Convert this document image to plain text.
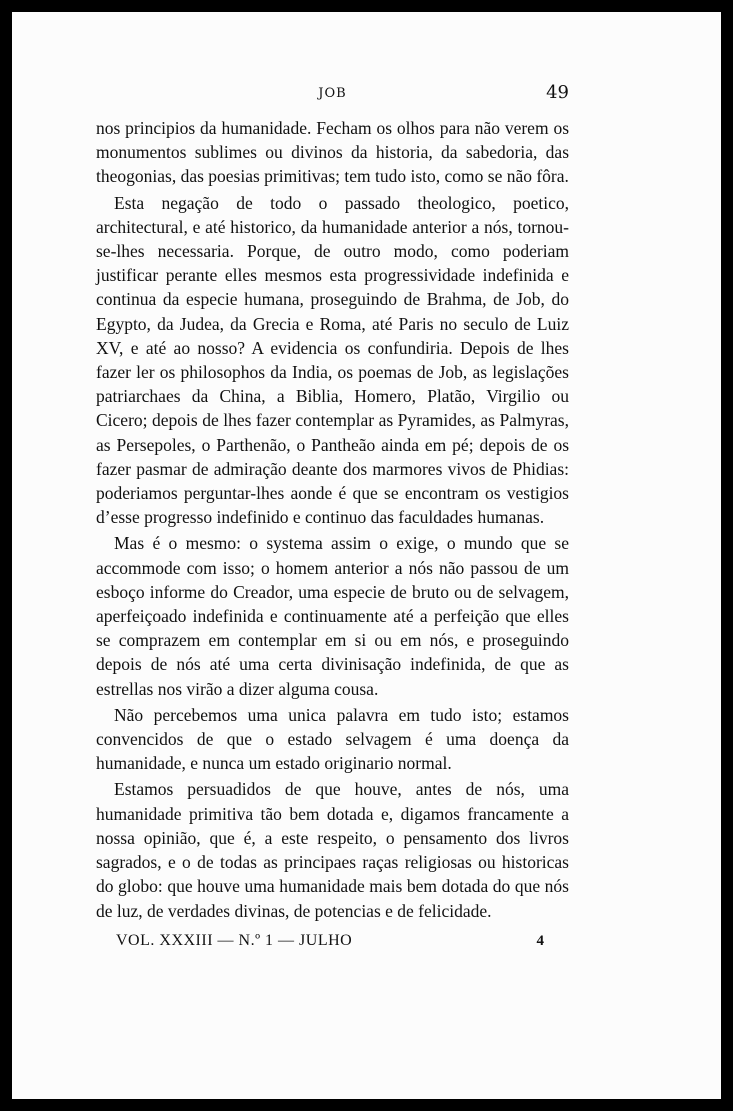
JOB	49

nos principios da humanidade. Fecham os olhos para não verem os monumentos sublimes ou divinos da historia, da sabedoria, das theogonias, das poesias primitivas; tem tudo isto, como se não fôra.

Esta negação de todo o passado theologico, poetico, architectural, e até historico, da humanidade anterior a nós, tornou-se-lhes necessaria. Porque, de outro modo, como poderiam justificar perante elles mesmos esta progressividade indefinida e continua da especie humana, proseguindo de Brahma, de Job, do Egypto, da Judea, da Grecia e Roma, até Paris no seculo de Luiz XV, e até ao nosso? A evidencia os confundiria. Depois de lhes fazer ler os philosophos da India, os poemas de Job, as legislações patriarchaes da China, a Biblia, Homero, Platão, Virgilio ou Cicero; depois de lhes fazer contemplar as Pyramides, as Palmyras, as Persepoles, o Parthenão, o Pantheão ainda em pé; depois de os fazer pasmar de admiração deante dos marmores vivos de Phidias: poderiamos perguntar-lhes aonde é que se encontram os vestigios d’esse progresso indefinido e continuo das faculdades humanas.

Mas é o mesmo: o systema assim o exige, o mundo que se accommode com isso; o homem anterior a nós não passou de um esboço informe do Creador, uma especie de bruto ou de selvagem, aperfeiçoado indefinida e continuamente até a perfeição que elles se comprazem em contemplar em si ou em nós, e proseguindo depois de nós até uma certa divinisação indefinida, de que as estrellas nos virão a dizer alguma cousa.

Não percebemos uma unica palavra em tudo isto; estamos convencidos de que o estado selvagem é uma doença da humanidade, e nunca um estado originario normal.

Estamos persuadidos de que houve, antes de nós, uma humanidade primitiva tão bem dotada e, digamos francamente a nossa opinião, que é, a este respeito, o pensamento dos livros sagrados, e o de todas as principaes raças religiosas ou historicas do globo: que houve uma humanidade mais bem dotada do que nós de luz, de verdades divinas, de potencias e de felicidade.

VOL. XXXIII — N.º 1 — JULHO	4
